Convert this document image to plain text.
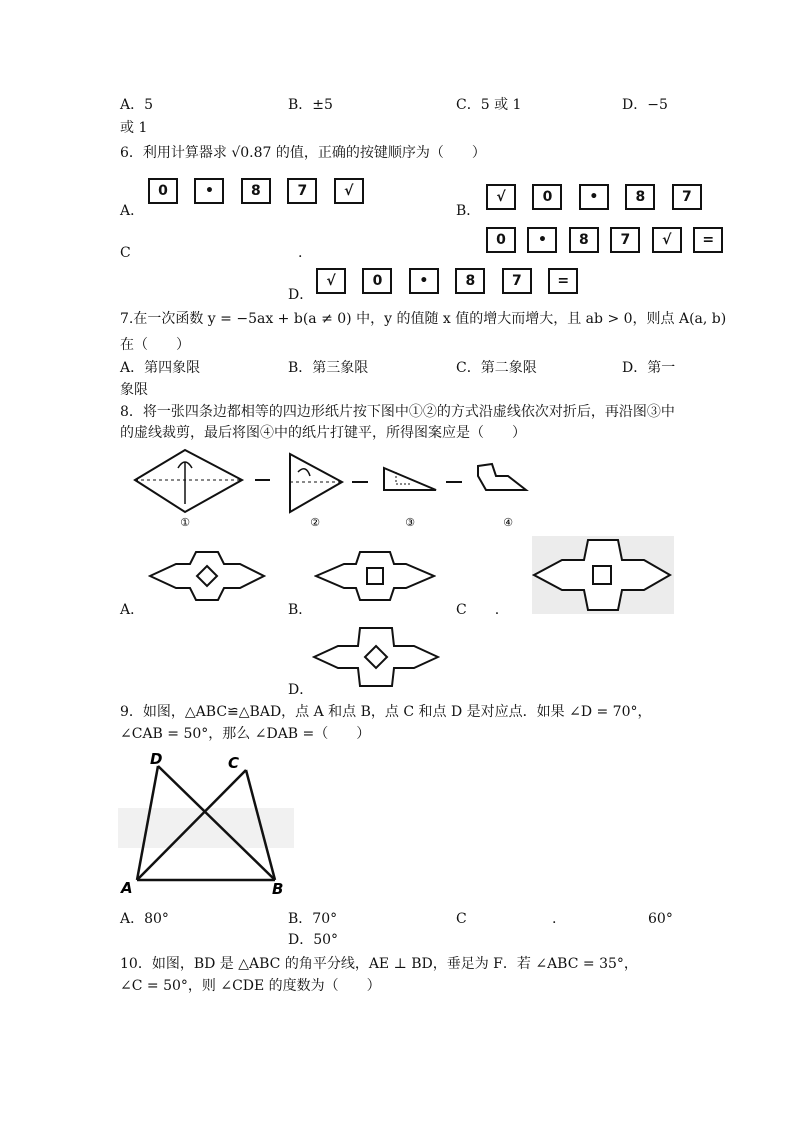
A．5	B．±5	C．5 或 1	D．−5
或 1
6．利用计算器求 √0.87 的值，正确的按键顺序为（　　）
0	•	8	7	√
A．
√	0	•	8	7
B．
0 • 8 7 √ =
C	.
√	0	•	8	7	=
D．
7.在一次函数 y = −5ax + b(a ≠ 0) 中，y 的值随 x 值的增大而增大，且 ab > 0，则点 A(a, b)
在（　　）
A．第四象限	B．第三象限	C．第二象限	D．第一
象限
8．将一张四条边都相等的四边形纸片按下图中①②的方式沿虚线依次对折后，再沿图③中
的虚线裁剪，最后将图④中的纸片打键平，所得图案应是（　　）
①	②	③	④
A．	B．	C　　.
D．
9．如图，△ABC≌△BAD，点 A 和点 B，点 C 和点 D 是对应点．如果 ∠D = 70°，
∠CAB = 50°，那么 ∠DAB =（　　）
D	C
A	B
A．80°	B．70°	C	.	60°
D．50°
10．如图，BD 是 △ABC 的角平分线，AE ⊥ BD，垂足为 F．若 ∠ABC = 35°，
∠C = 50°，则 ∠CDE 的度数为（　　）
